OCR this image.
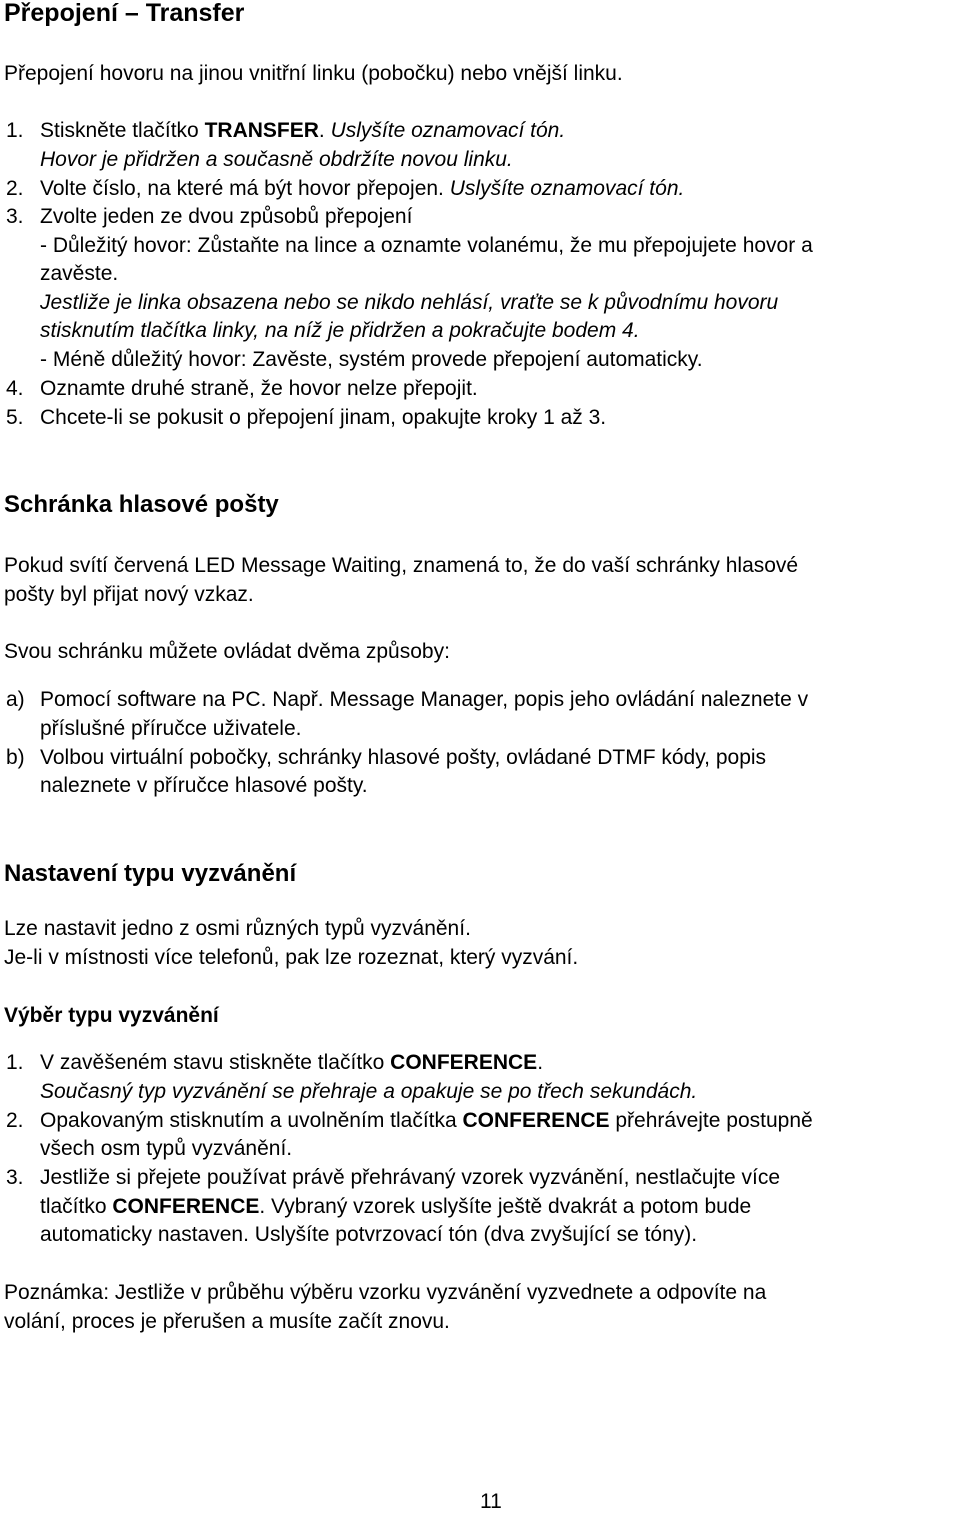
Přepojení – Transfer
Přepojení hovoru na jinou vnitřní linku (pobočku) nebo vnější linku.
1. Stiskněte tlačítko TRANSFER. Uslyšíte oznamovací tón.
Hovor je přidržen a současně obdržíte novou linku.
2. Volte číslo, na které má být hovor přepojen. Uslyšíte oznamovací tón.
3. Zvolte jeden ze dvou způsobů přepojení
- Důležitý hovor: Zůstaňte na lince a oznamte volanému, že mu přepojujete hovor a
zavěste.
Jestliže je linka obsazena nebo se nikdo nehlásí, vraťte se k původnímu hovoru
stisknutím tlačítka linky, na níž je přidržen a pokračujte bodem 4.
- Méně důležitý hovor: Zavěste, systém provede přepojení automaticky.
4. Oznamte druhé straně, že hovor nelze přepojit.
5. Chcete-li se pokusit o přepojení jinam, opakujte kroky 1 až 3.
Schránka hlasové pošty
Pokud svítí červená LED Message Waiting, znamená to, že do vaší schránky hlasové
pošty byl přijat nový vzkaz.
Svou schránku můžete ovládat dvěma způsoby:
a) Pomocí software na PC. Např. Message Manager, popis jeho ovládání naleznete v
příslušné příručce uživatele.
b) Volbou virtuální pobočky, schránky hlasové pošty, ovládané DTMF kódy, popis
naleznete v příručce hlasové pošty.
Nastavení typu vyzvánění
Lze nastavit jedno z osmi různých typů vyzvánění.
Je-li v místnosti více telefonů, pak lze rozeznat, který vyzvání.
Výběr typu vyzvánění
1. V zavěšeném stavu stiskněte tlačítko CONFERENCE.
Současný typ vyzvánění se přehraje a opakuje se po třech sekundách.
2. Opakovaným stisknutím a uvolněním tlačítka CONFERENCE přehrávejte postupně
všech osm typů vyzvánění.
3. Jestliže si přejete používat právě přehrávaný vzorek vyzvánění, nestlačujte více
tlačítko CONFERENCE. Vybraný vzorek uslyšíte ještě dvakrát a potom bude
automaticky nastaven. Uslyšíte potvrzovací tón (dva zvyšující se tóny).
Poznámka: Jestliže v průběhu výběru vzorku vyzvánění vyzvednete a odpovíte na
volání, proces je přerušen a musíte začít znovu.
11
